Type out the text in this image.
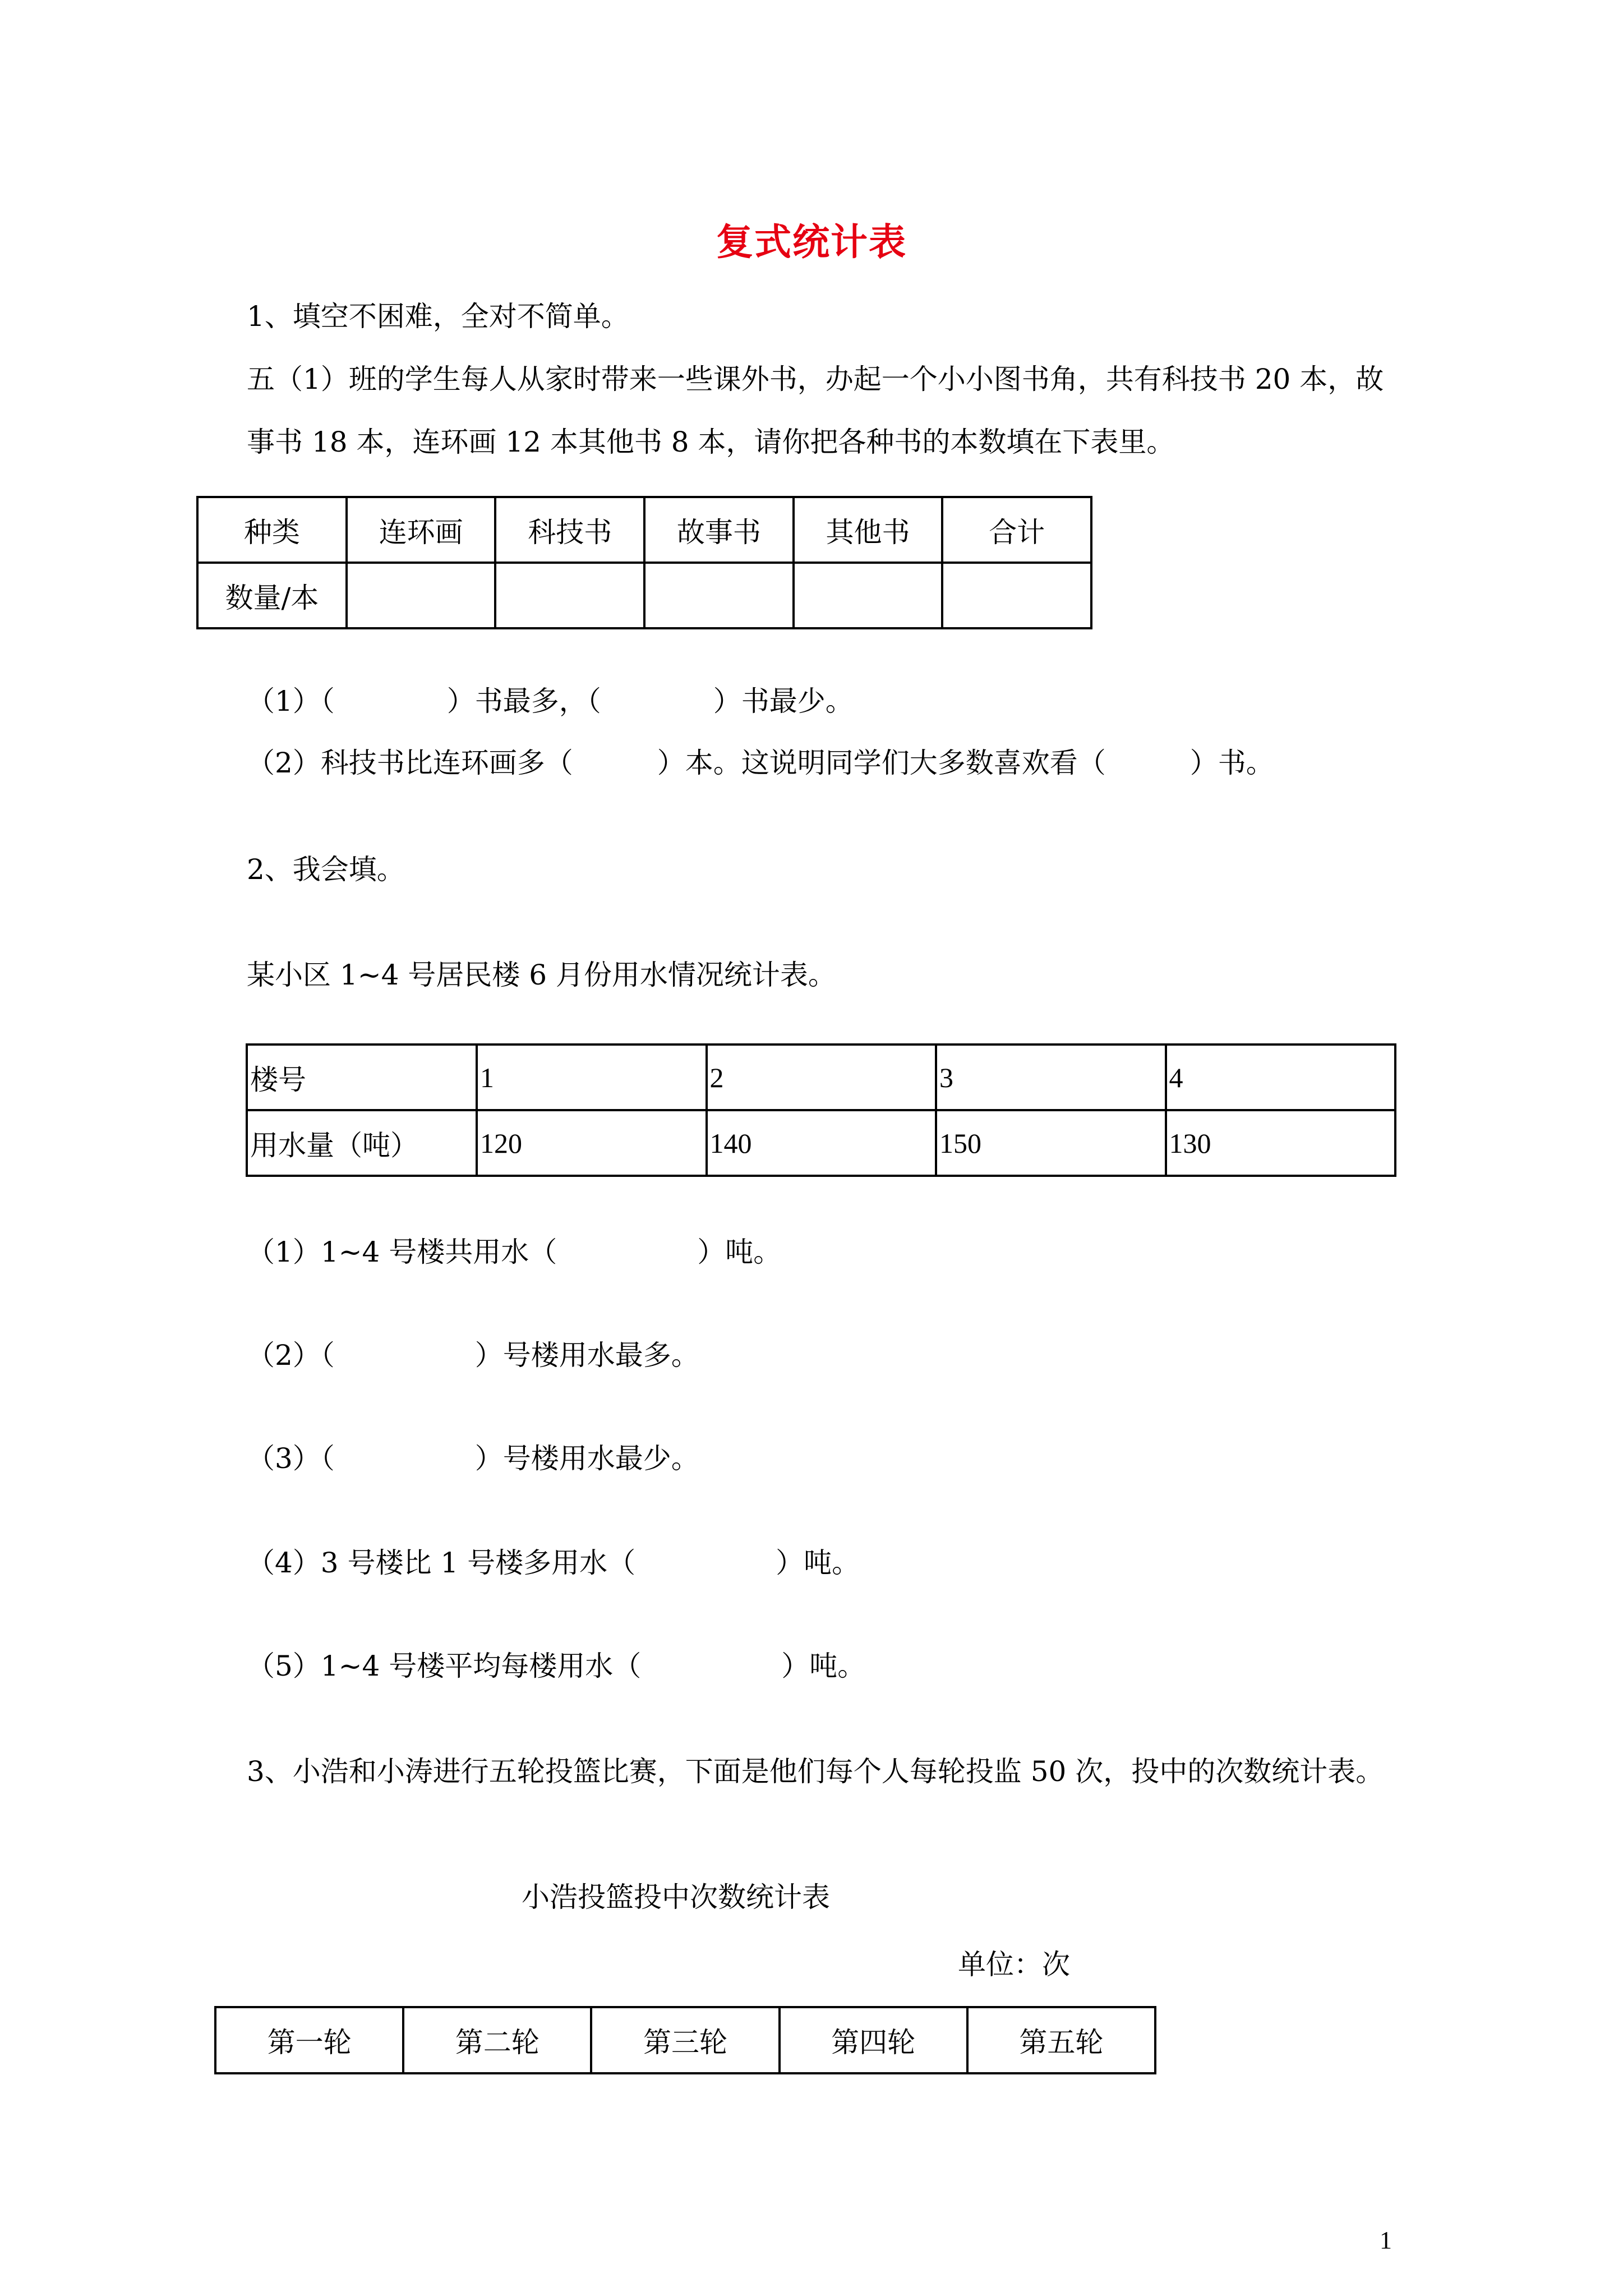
复式统计表
1、填空不困难，全对不简单。
五（1）班的学生每人从家时带来一些课外书，办起一个小小图书角，共有科技书 20 本，故
事书 18 本，连环画 12 本其他书 8 本，请你把各种书的本数填在下表里。
种类	连环画	科技书	故事书	其他书	合计
数量/本					
（1）（　　　　）书最多，（　　　　）书最少。
（2）科技书比连环画多（　　　）本。这说明同学们大多数喜欢看（　　　）书。
2、我会填。
某小区 1~4 号居民楼 6 月份用水情况统计表。
楼号	1	2	3	4
用水量（吨）	120	140	150	130
（1）1~4 号楼共用水（　　　　　）吨。
（2）（　　　　　）号楼用水最多。
（3）（　　　　　）号楼用水最少。
（4）3 号楼比 1 号楼多用水（　　　　　）吨。
（5）1~4 号楼平均每楼用水（　　　　　）吨。
3、小浩和小涛进行五轮投篮比赛，下面是他们每个人每轮投监 50 次，投中的次数统计表。
小浩投篮投中次数统计表
单位：次
第一轮	第二轮	第三轮	第四轮	第五轮
1
